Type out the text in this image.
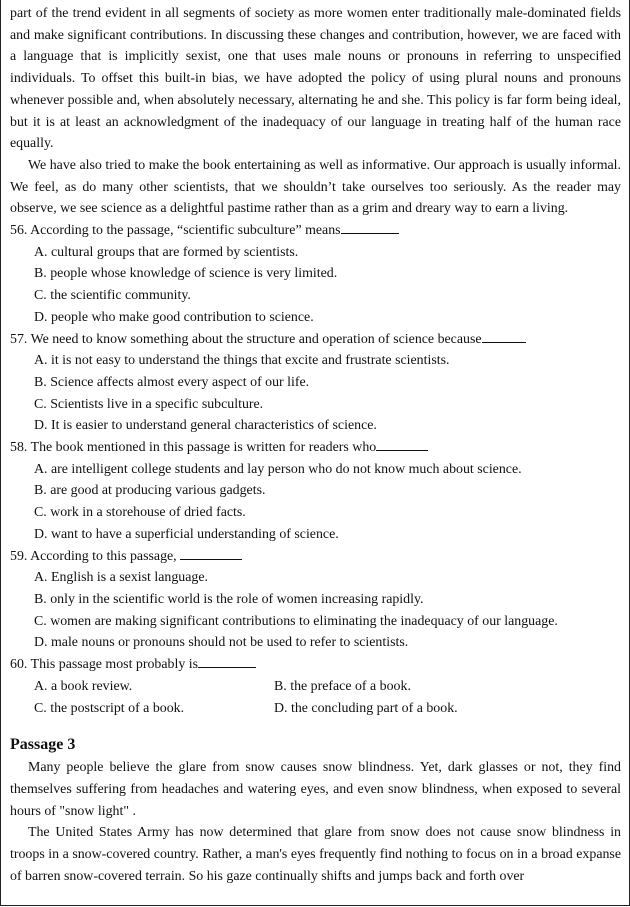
part of the trend evident in all segments of society as more women enter traditionally male-dominated fields and make significant contributions. In discussing these changes and contribution, however, we are faced with a language that is implicitly sexist, one that uses male nouns or pronouns in referring to unspecified individuals. To offset this built-in bias, we have adopted the policy of using plural nouns and pronouns whenever possible and, when absolutely necessary, alternating he and she. This policy is far form being ideal, but it is at least an acknowledgment of the inadequacy of our language in treating half of the human race equally.

We have also tried to make the book entertaining as well as informative. Our approach is usually informal. We feel, as do many other scientists, that we shouldn’t take ourselves too seriously. As the reader may observe, we see science as a delightful pastime rather than as a grim and dreary way to earn a living.

56. According to the passage, “scientific subculture” means
A. cultural groups that are formed by scientists.
B. people whose knowledge of science is very limited.
C. the scientific community.
D. people who make good contribution to science.
57. We need to know something about the structure and operation of science because
A. it is not easy to understand the things that excite and frustrate scientists.
B. Science affects almost every aspect of our life.
C. Scientists live in a specific subculture.
D. It is easier to understand general characteristics of science.
58. The book mentioned in this passage is written for readers who
A. are intelligent college students and lay person who do not know much about science.
B. are good at producing various gadgets.
C. work in a storehouse of dried facts.
D. want to have a superficial understanding of science.
59. According to this passage,
A. English is a sexist language.
B. only in the scientific world is the role of women increasing rapidly.
C. women are making significant contributions to eliminating the inadequacy of our language.
D. male nouns or pronouns should not be used to refer to scientists.
60. This passage most probably is
A. a book review.	B. the preface of a book.
C. the postscript of a book.	D. the concluding part of a book.
Passage 3

Many people believe the glare from snow causes snow blindness. Yet, dark glasses or not, they find themselves suffering from headaches and watering eyes, and even snow blindness, when exposed to several hours of "snow light" .

The United States Army has now determined that glare from snow does not cause snow blindness in troops in a snow-covered country. Rather, a man's eyes frequently find nothing to focus on in a broad expanse of barren snow-covered terrain. So his gaze continually shifts and jumps back and forth over
